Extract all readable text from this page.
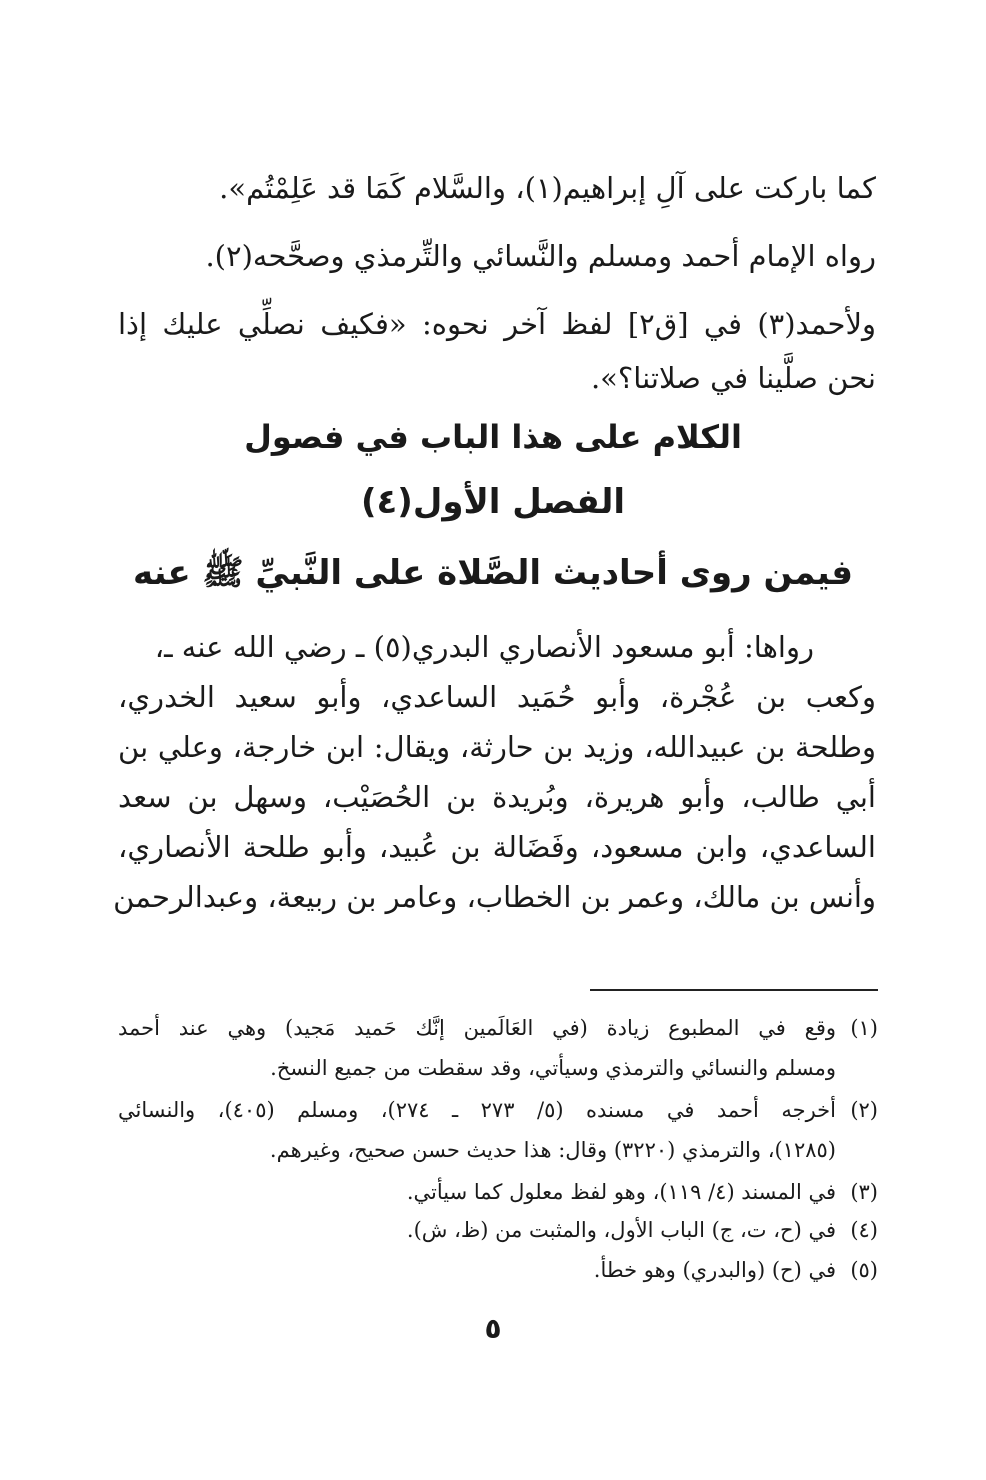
كما باركت على آلِ إبراهيم(١)، والسَّلام كَمَا قد عَلِمْتُم».
رواه الإمام أحمد ومسلم والنَّسائي والتِّرمذي وصحَّحه(٢).
ولأحمد(٣) في [ق٢] لفظ آخر نحوه: «فكيف نصلِّي عليك إذا
نحن صلَّينا في صلاتنا؟».
الكلام على هذا الباب في فصول
الفصل الأول(٤)
فيمن روى أحاديث الصَّلاة على النَّبيِّ ﷺ عنه
رواها: أبو مسعود الأنصاري البدري(٥) ـ رضي الله عنه ـ،
وكعب بن عُجْرة، وأبو حُمَيد الساعدي، وأبو سعيد الخدري،
وطلحة بن عبيدالله، وزيد بن حارثة، ويقال: ابن خارجة، وعلي بن
أبي طالب، وأبو هريرة، وبُريدة بن الحُصَيْب، وسهل بن سعد
الساعدي، وابن مسعود، وفَضَالة بن عُبيد، وأبو طلحة الأنصاري،
وأنس بن مالك، وعمر بن الخطاب، وعامر بن ربيعة، وعبدالرحمن
(١)
وقع في المطبوع زيادة (في العَالَمين إنَّك حَميد مَجيد) وهي عند أحمد
ومسلم والنسائي والترمذي وسيأتي، وقد سقطت من جميع النسخ.
(٢)
أخرجه أحمد في مسنده (٥/ ٢٧٣ ـ ٢٧٤)، ومسلم (٤٠٥)، والنسائي
(١٢٨٥)، والترمذي (٣٢٢٠) وقال: هذا حديث حسن صحيح، وغيرهم.
(٣)
في المسند (٤/ ١١٩)، وهو لفظ معلول كما سيأتي.
(٤)
في (ح، ت، ج) الباب الأول، والمثبت من (ظ، ش).
(٥)
في (ح) (والبدري) وهو خطأ.
٥
